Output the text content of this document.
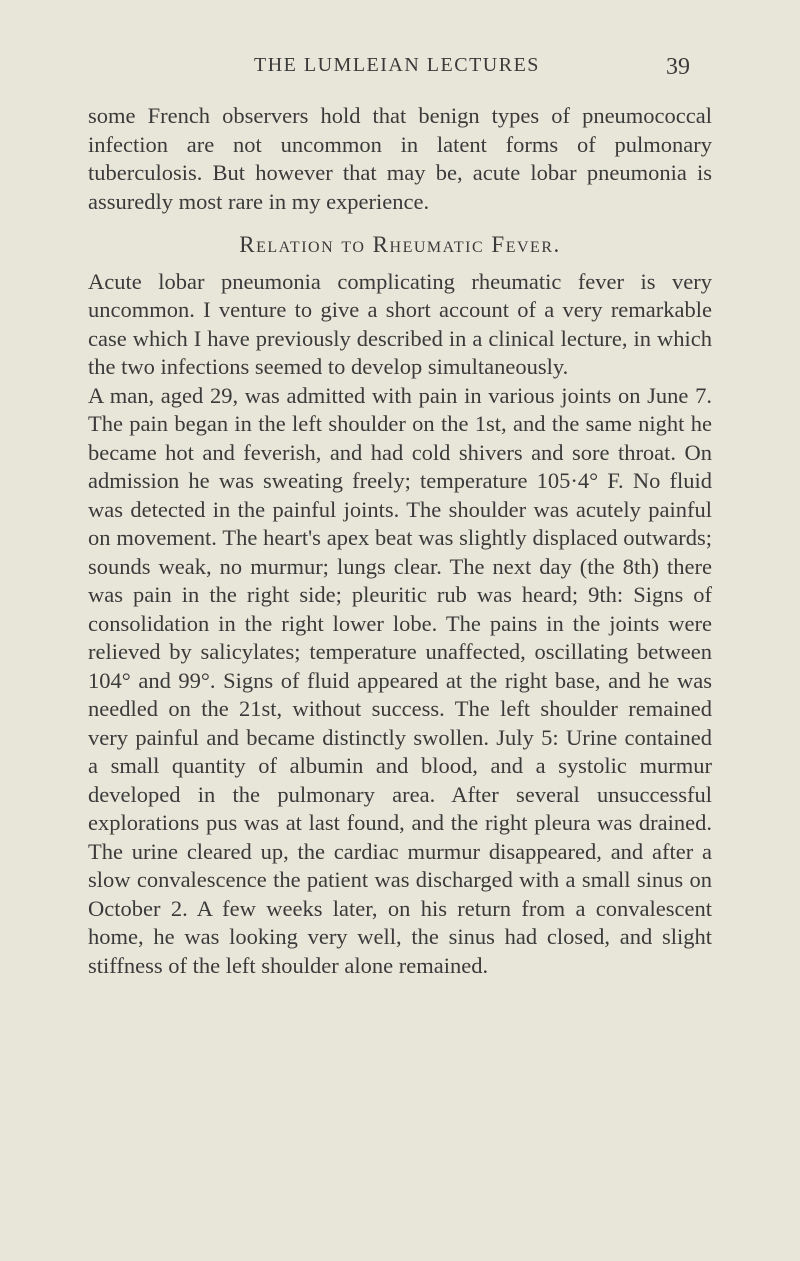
THE LUMLEIAN LECTURES	39

some French observers hold that benign types of pneumococcal infection are not uncommon in latent forms of pulmonary tuberculosis. But however that may be, acute lobar pneumonia is assuredly most rare in my experience.

Relation to Rheumatic Fever.

Acute lobar pneumonia complicating rheumatic fever is very uncommon. I venture to give a short account of a very remarkable case which I have previously described in a clinical lecture, in which the two infections seemed to develop simultaneously.

A man, aged 29, was admitted with pain in various joints on June 7. The pain began in the left shoulder on the 1st, and the same night he became hot and feverish, and had cold shivers and sore throat. On admission he was sweating freely; temperature 105·4° F. No fluid was detected in the painful joints. The shoulder was acutely painful on movement. The heart's apex beat was slightly displaced outwards; sounds weak, no murmur; lungs clear. The next day (the 8th) there was pain in the right side; pleuritic rub was heard; 9th: Signs of consolidation in the right lower lobe. The pains in the joints were relieved by salicylates; temperature unaffected, oscillating between 104° and 99°. Signs of fluid appeared at the right base, and he was needled on the 21st, without success. The left shoulder remained very painful and became distinctly swollen. July 5: Urine contained a small quantity of albumin and blood, and a systolic murmur developed in the pulmonary area. After several unsuccessful explorations pus was at last found, and the right pleura was drained. The urine cleared up, the cardiac murmur disappeared, and after a slow convalescence the patient was discharged with a small sinus on October 2. A few weeks later, on his return from a convalescent home, he was looking very well, the sinus had closed, and slight stiffness of the left shoulder alone remained.
